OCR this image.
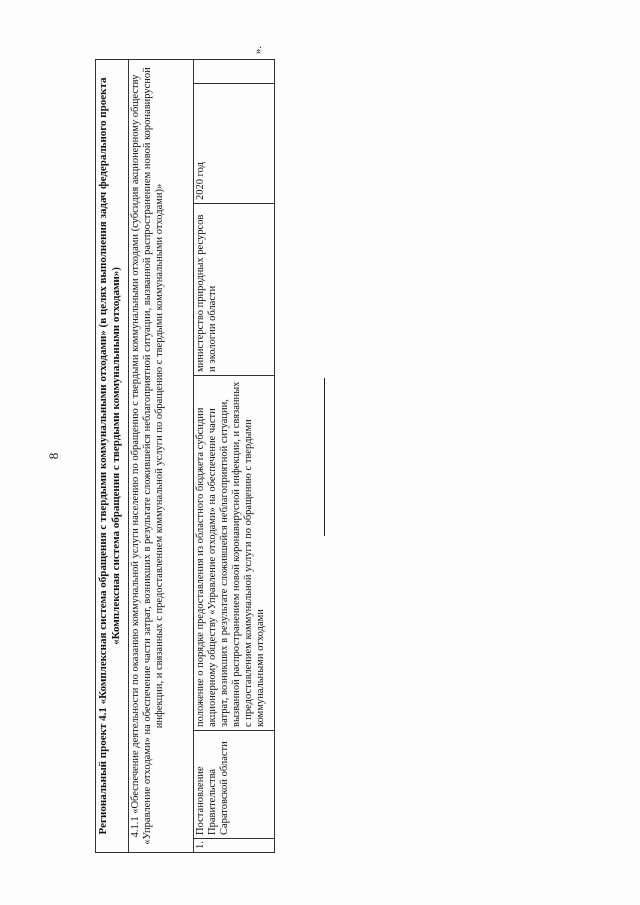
8	Региональный проект 4.1 «Комплексная система обращения с твердыми коммунальными отходами» (в целях выполнения задач федерального проекта «Комплексная система обращения с твердыми коммунальными отходами»)
4.1.1 «Обеспечение деятельности по оказанию коммунальной услуги населению по обращению с твердыми коммунальными отходами (субсидия акционерному обществу «Управление отходами» на обеспечение части затрат, возникших в результате сложившейся неблагоприятной ситуации, вызванной распространением новой коронавирусной инфекции, и связанных с предоставлением коммунальной услуги по обращению с твердыми коммунальными отходами)»
1.	Постановление Правительства Саратовской области	положение о порядке предоставления из областного бюджета субсидии акционерному обществу «Управление отходами» на обеспечение части затрат, возникших в результате сложившейся неблагоприятной ситуации, вызванной распространением новой коронавирусной инфекции, и связанных с предоставлением коммунальной услуги по обращению с твердыми коммунальными отходами	министерство природных ресурсов и экологии области	2020 год	
».
